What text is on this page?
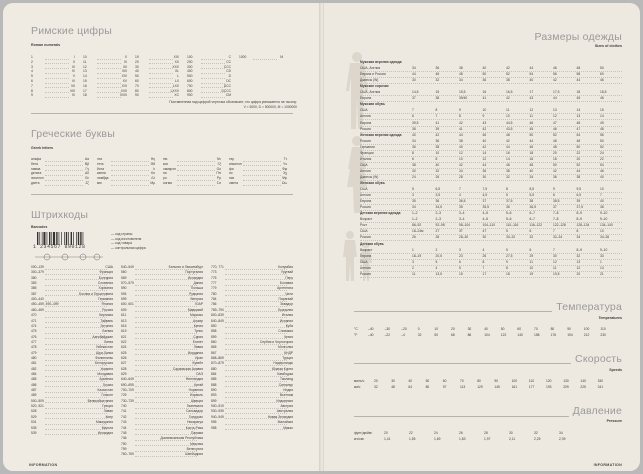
Римские цифры
Roman numerals
1	I
2	II
3	III
4	IV
5	V
6	VI
7	VII
8	VIII
9	IX
10	X
11	XI
12	XII
13	XIII
14	XIV
15	XV
16	XVI
17	XVII
18	XVIII
19	XIX
20	XX
30	XXX
40	XL
50	L
60	LX
70	LXX
80	LXXX
90	XC
100	C
200	CC
300	CCC
400	CD
500	D
600	DC
700	DCC
800	DCCC
900	CM
1000	M
Поставленная над цифрой черточка обозначает, что цифра умножается на тысячу:
V = 5000, D = 500000, M = 1000000
Греческие буквы
Greek letters
альфа	Αα
бета	Ββ
гамма	Γγ
дельта	Δδ
эпсилон	Εε
дзета	Ζζ
эта	Ηη
тета	Θθ
йота	Ιι
каппа	Κκ
лямбда	Λλ
мю	Μμ
ню	Νν
кси	Ξξ
омикрон	Οο
пи	Ππ
ро	Ρρ
сигма	Σσ
тау	Ττ
ипсилон	Υυ
фи	Φφ
хи	Χχ
пси	Ψψ
омега	Ωω
Штрихкоды
Barcodes
1 234567 890128
— код страны
— код изготовителя
— код товара
— контрольная цифра
000–139	США
300–379	Франция
380	Болгария
383	Словения
385	Хорватия
387	Босния и Герцеговина
400–440	Германия
450–459, 490–499	Япония
460–469	Россия
470	Киргизия
471	Тайвань
474	Эстония
475	Латвия
476	Азербайджан
477	Литва
478	Узбекистан
479	Шри-Ланка
480	Филиппины
481	Белоруссия
482	Украина
484	Молдавия
485	Армения
486	Грузия
487	Казахстан
489	Гонконг
500–509	Великобритания
520, 521	Греция
528	Ливан
529	Кипр
531	Македония
535	Мальта
539	Ирландия
540–549	Бельгия и Люксембург
560	Португалия
569	Исландия
570–579	Дания
590	Польша
594	Румыния
599	Венгрия
600, 601	ЮАР
609	Маврикий
611	Марокко
613	Алжир
616	Кения
619	Тунис
621	Сирия
622	Египет
624	Ливия
625	Иордания
626	Иран
627	Кувейт
628	Саудовская Аравия
629	ОАЭ
640–649	Финляндия
690–695	Китай
700–709	Норвегия
729	Израиль
730–739	Швеция
740	Гватемала
741	Сальвадор
742	Гондурас
743	Никарагуа
744	Коста-Рика
745	Панама
746	Доминиканская Республика
750	Мексика
759	Венесуэла
760–769	Швейцария
770, 771	Колумбия
773	Уругвай
775	Перу
777	Боливия
779	Аргентина
780	Чили
784	Парагвай
786	Эквадор
789–790	Бразилия
800–839	Италия
840–849	Испания
850	Куба
858	Словакия
859	Чехия
860	Сербия и Черногория
865	Монголия
867	КНДР
868–869	Турция
870–879	Нидерланды
880	Южная Корея
884	Камбоджа
885	Таиланд
888	Сингапур
890	Индия
893	Вьетнам
899	Индонезия
900–919	Австрия
930–939	Австралия
940–949	Новая Зеландия
955	Малайзия
958	Макао
INFORMATION
Размеры одежды
Sizes of clothes
Мужская верхняя одежда
США, Англия	34	36	38	40	42	44	46	48	50
Европа и Россия	44	46	48	50	52	54	56	58	60
Джинсы (W)	30	32	34	36	38	40	42	44	46
Мужские сорочки
США, Англия	14,5	15	15,5	16	16,5	17	17,5	18	18,5
Европа	37	38	39/40	41	42	43	44	45	46
Мужская обувь
США	7	8	9	10	11	12	13	14	15
Англия	6	7	8	9	10	11	12	13	14
Европа	39,5	41	42	43	44,5	46	47	48	49
Россия	38	39	41	42	43,5	45	46	47	48
Женская верхняя одежда	40	42	44	46	48	50	52	54	56
Россия	34	36	38	40	42	44	46	48	50
Германия	36	38	40	42	44	46	48	50	52
Франция	8	10	12	14	16	18	20	22	24
Италия	6	8	10	12	14	16	18	20	22
США	38	40	42	44	46	48	50	52	54
Англия	30	32	34	36	38	40	42	44	46
Джинсы (W)	24	26	28	30	32	34	36	38	40
Женская обувь
США	5	6,5	7	7,5	8	8,5	9	9,5	10
Англия	3	3,5	4	4,5	5	5,5	6	6,5	7
Европа	35	36	36,5	37	37,5	38	38,5	39	40
Россия	34	34,5	35	35,5	36	36,5	37	37,5	38
Детская верхняя одежда	1–2	2–3	3–4	4–5	5–6	6–7	7–8	8–9	9–10
Возраст	1–2	2–3	3–4	4–5	5–6	6–7	7–8	8–9	9–10
Рост	86–92	92–98	98–104	104–110	110–116	116–122	122–128	128–134	134–140
США	18–24м	2T	3T	4T	5	6	7	8	10
Россия	26	28	28–30	30	30–32	32	32–34	34	34–36
Детская обувь
Возраст	1	2	3	4	5	6	7	8–9	9–10
Европа	18–19	20,5	23	26	27,5	29	30	32	33
США	3	5	6	8	9	11	12	13	1
Англия	2	4	5	7	8	10	11	12	13
Россия	11	13,5	15	17	18	19	19,5	20	21
Температура
Temperatures
°C
°F
–40	–30	–20	0	10	20	30	40	50	60	70	80	90	100	110
–40	–22	–4	32	50	68	86	104	122	140	158	176	194	212	230
Скорость
Speeds
миль/ч
км/ч
20	30	40	50	60	70	80	90	100	110	120	130	140	150
32	48	64	80	97	113	129	145	161	177	193	209	225	241
Давление
Pressure
фунт/дюйм²
кгс/см²
20	22	24	26	28	30	32	34
1,41	1,55	1,69	1,83	1,97	2,11	2,25	2,39
INFORMATION
